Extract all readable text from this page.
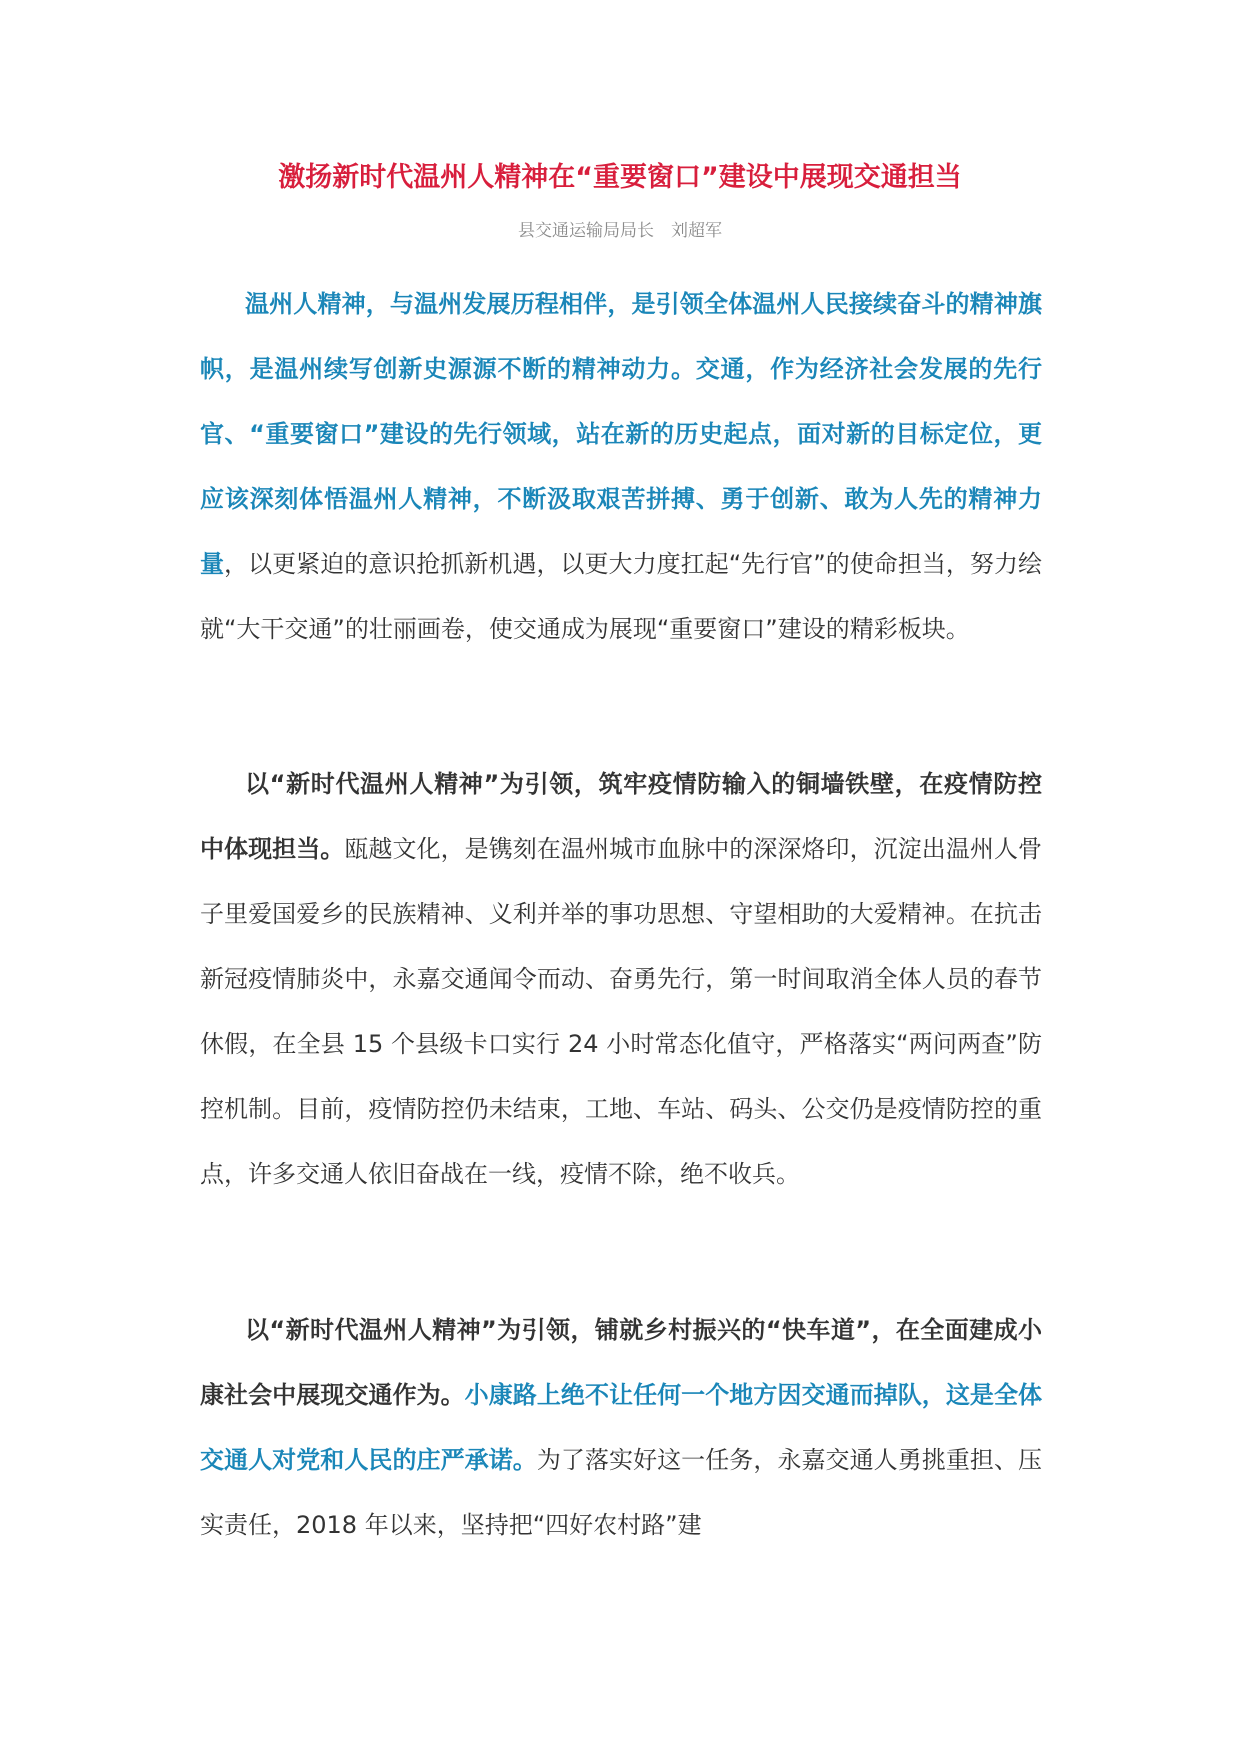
激扬新时代温州人精神在“重要窗口”建设中展现交通担当

县交通运输局局长　刘超军

温州人精神，与温州发展历程相伴，是引领全体温州人民接续奋斗的精神旗帜，是温州续写创新史源源不断的精神动力。交通，作为经济社会发展的先行官、“重要窗口”建设的先行领域，站在新的历史起点，面对新的目标定位，更应该深刻体悟温州人精神，不断汲取艰苦拼搏、勇于创新、敢为人先的精神力量，以更紧迫的意识抢抓新机遇，以更大力度扛起“先行官”的使命担当，努力绘就“大干交通”的壮丽画卷，使交通成为展现“重要窗口”建设的精彩板块。

以“新时代温州人精神”为引领，筑牢疫情防输入的铜墙铁壁，在疫情防控中体现担当。瓯越文化，是镌刻在温州城市血脉中的深深烙印，沉淀出温州人骨子里爱国爱乡的民族精神、义利并举的事功思想、守望相助的大爱精神。在抗击新冠疫情肺炎中，永嘉交通闻令而动、奋勇先行，第一时间取消全体人员的春节休假，在全县 15 个县级卡口实行 24 小时常态化值守，严格落实“两问两查”防控机制。目前，疫情防控仍未结束，工地、车站、码头、公交仍是疫情防控的重点，许多交通人依旧奋战在一线，疫情不除，绝不收兵。

以“新时代温州人精神”为引领，铺就乡村振兴的“快车道”，在全面建成小康社会中展现交通作为。小康路上绝不让任何一个地方因交通而掉队，这是全体交通人对党和人民的庄严承诺。为了落实好这一任务，永嘉交通人勇挑重担、压实责任，2018 年以来，坚持把“四好农村路”建
